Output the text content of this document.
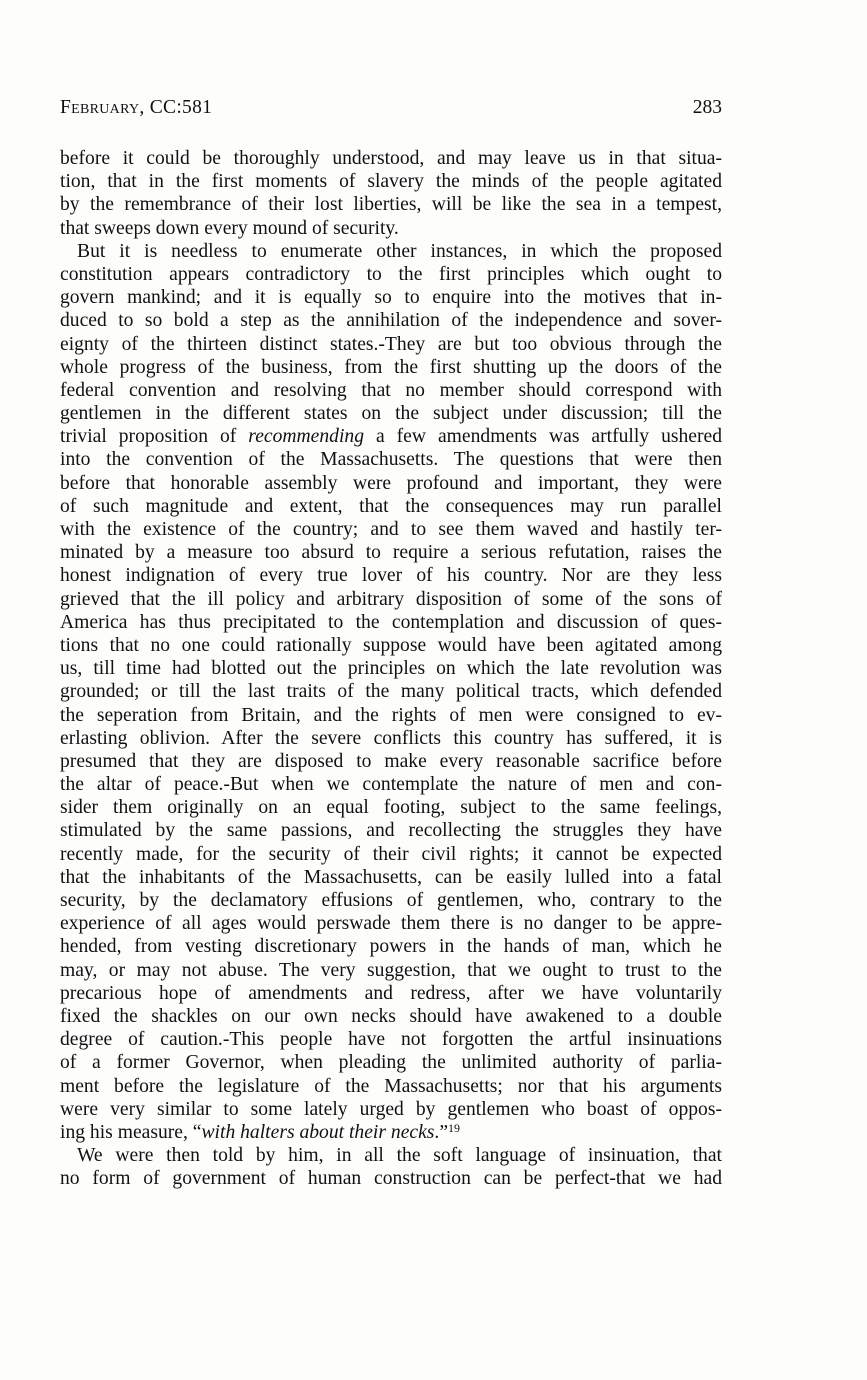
February, CC:581	283

before it could be thoroughly understood, and may leave us in that situa-

tion, that in the first moments of slavery the minds of the people agitated

by the remembrance of their lost liberties, will be like the sea in a tempest,

that sweeps down every mound of security.

But it is needless to enumerate other instances, in which the proposed

constitution appears contradictory to the first principles which ought to

govern mankind; and it is equally so to enquire into the motives that in-

duced to so bold a step as the annihilation of the independence and sover-

eignty of the thirteen distinct states.-They are but too obvious through the

whole progress of the business, from the first shutting up the doors of the

federal convention and resolving that no member should correspond with

gentlemen in the different states on the subject under discussion; till the

trivial proposition of recommending a few amendments was artfully ushered

into the convention of the Massachusetts. The questions that were then

before that honorable assembly were profound and important, they were

of such magnitude and extent, that the consequences may run parallel

with the existence of the country; and to see them waved and hastily ter-

minated by a measure too absurd to require a serious refutation, raises the

honest indignation of every true lover of his country. Nor are they less

grieved that the ill policy and arbitrary disposition of some of the sons of

America has thus precipitated to the contemplation and discussion of ques-

tions that no one could rationally suppose would have been agitated among

us, till time had blotted out the principles on which the late revolution was

grounded; or till the last traits of the many political tracts, which defended

the seperation from Britain, and the rights of men were consigned to ev-

erlasting oblivion. After the severe conflicts this country has suffered, it is

presumed that they are disposed to make every reasonable sacrifice before

the altar of peace.-But when we contemplate the nature of men and con-

sider them originally on an equal footing, subject to the same feelings,

stimulated by the same passions, and recollecting the struggles they have

recently made, for the security of their civil rights; it cannot be expected

that the inhabitants of the Massachusetts, can be easily lulled into a fatal

security, by the declamatory effusions of gentlemen, who, contrary to the

experience of all ages would perswade them there is no danger to be appre-

hended, from vesting discretionary powers in the hands of man, which he

may, or may not abuse. The very suggestion, that we ought to trust to the

precarious hope of amendments and redress, after we have voluntarily

fixed the shackles on our own necks should have awakened to a double

degree of caution.-This people have not forgotten the artful insinuations

of a former Governor, when pleading the unlimited authority of parlia-

ment before the legislature of the Massachusetts; nor that his arguments

were very similar to some lately urged by gentlemen who boast of oppos-

ing his measure, “with halters about their necks.”$^{19}$

We were then told by him, in all the soft language of insinuation, that

no form of government of human construction can be perfect-that we had
